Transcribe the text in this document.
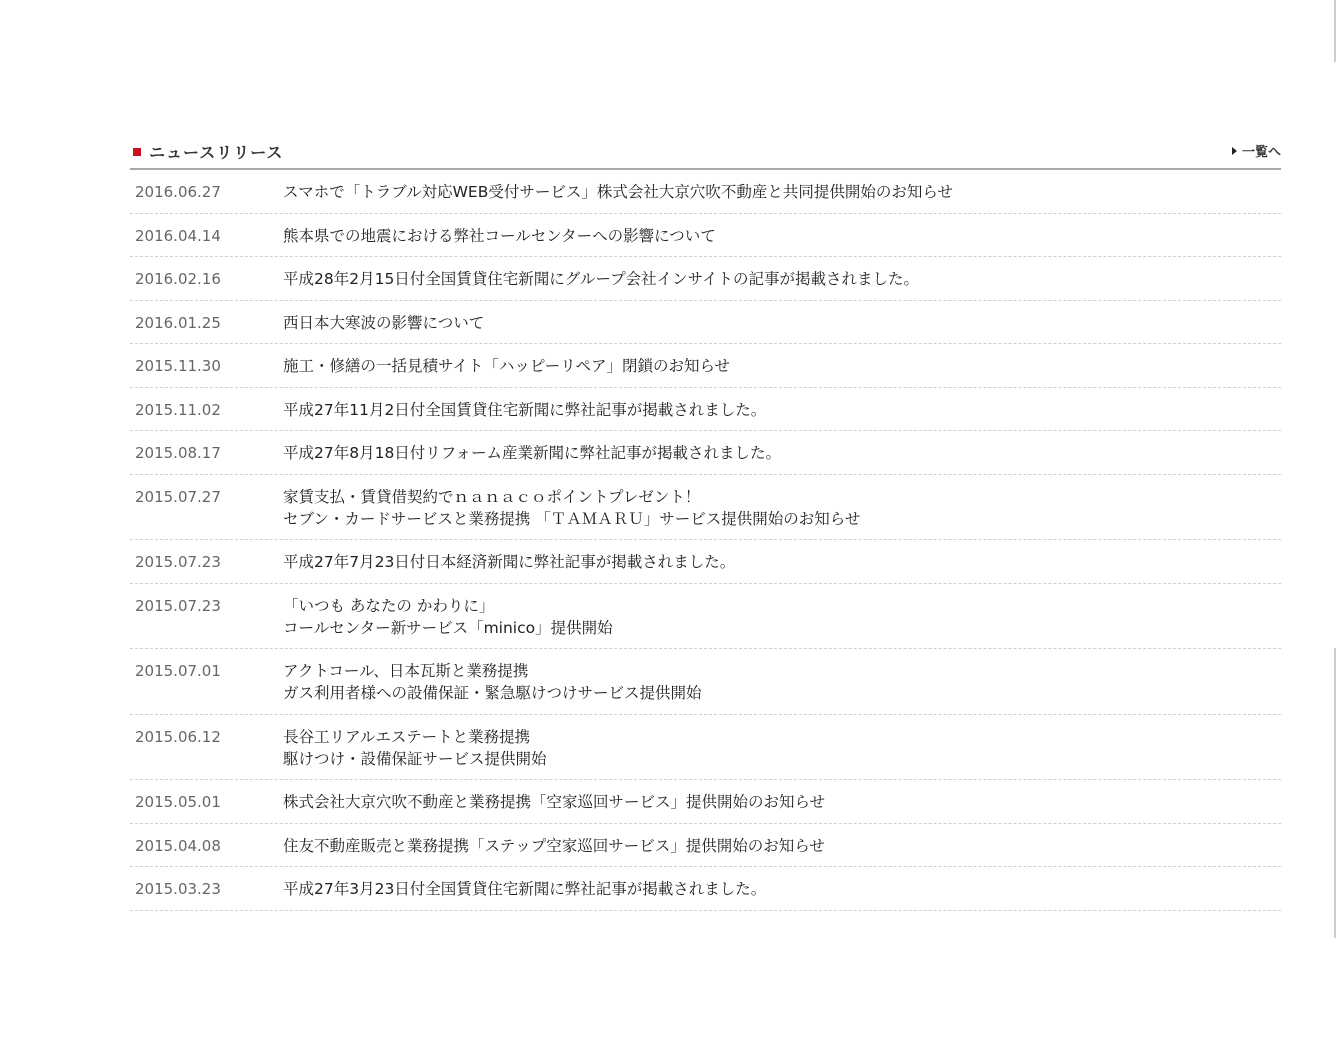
ニュースリリース	一覧へ
2016.06.27	スマホで「トラブル対応WEB受付サービス」株式会社大京穴吹不動産と共同提供開始のお知らせ
2016.04.14	熊本県での地震における弊社コールセンターへの影響について
2016.02.16	平成28年2月15日付全国賃貸住宅新聞にグループ会社インサイトの記事が掲載されました。
2016.01.25	西日本大寒波の影響について
2015.11.30	施工・修繕の一括見積サイト「ハッピーリペア」閉鎖のお知らせ
2015.11.02	平成27年11月2日付全国賃貸住宅新聞に弊社記事が掲載されました。
2015.08.17	平成27年8月18日付リフォーム産業新聞に弊社記事が掲載されました。
2015.07.27	家賃支払・賃貸借契約でｎａｎａｃｏポイントプレゼント！
セブン・カードサービスと業務提携 「ＴＡＭＡＲＵ」サービス提供開始のお知らせ
2015.07.23	平成27年7月23日付日本経済新聞に弊社記事が掲載されました。
2015.07.23	「いつも あなたの かわりに」
コールセンター新サービス「minico」提供開始
2015.07.01	アクトコール、日本瓦斯と業務提携
ガス利用者様への設備保証・緊急駆けつけサービス提供開始
2015.06.12	長谷工リアルエステートと業務提携
駆けつけ・設備保証サービス提供開始
2015.05.01	株式会社大京穴吹不動産と業務提携「空家巡回サービス」提供開始のお知らせ
2015.04.08	住友不動産販売と業務提携「ステップ空家巡回サービス」提供開始のお知らせ
2015.03.23	平成27年3月23日付全国賃貸住宅新聞に弊社記事が掲載されました。
